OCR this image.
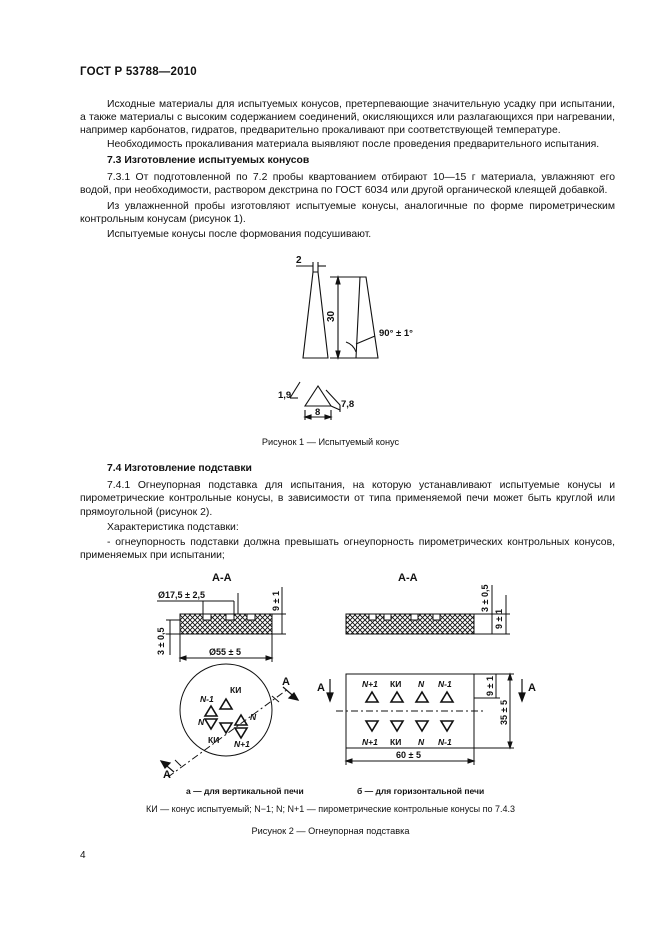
ГОСТ Р 53788—2010

Исходные материалы для испытуемых конусов, претерпевающие значительную усадку при испытании, а также материалы с высоким содержанием соединений, окисляющихся или разлагающихся при нагревании, например карбонатов, гидратов, предварительно прокаливают при соответствующей температуре.

Необходимость прокаливания материала выявляют после проведения предварительного испытания.

7.3 Изготовление испытуемых конусов

7.3.1 От подготовленной по 7.2 пробы квартованием отбирают 10—15 г материала, увлажняют его водой, при необходимости, раствором декстрина по ГОСТ 6034 или другой органической клеящей добавкой.

Из увлажненной пробы изготовляют испытуемые конусы, аналогичные по форме пирометрическим контрольным конусам (рисунок 1).

Испытуемые конусы после формования подсушивают.

2
30
90° ± 1°
1,9
8
7,8
Рисунок 1 — Испытуемый конус

7.4 Изготовление подставки

7.4.1 Огнеупорная подставка для испытания, на которую устанавливают испытуемые конусы и пирометрические контрольные конусы, в зависимости от типа применяемой печи может быть круглой или прямоугольной (рисунок 2).

Характеристика подставки:

- огнеупорность подставки должна превышать огнеупорность пирометрических контрольных конусов, применяемых при испытании;

А-А
Ø17,5 ± 2,5	9 ± 1
3 ± 0,5	Ø55 ± 5
КИ
N-1
N
N
N+1
КИ
А
А
А-А
3 ± 0,5
9 ± 1
N+1 КИ N N-1
N+1 КИ N N-1
60 ± 5
35 ± 5
9 ± 1
А	А
а — для вертикальной печи	б — для горизонтальной печи
КИ — конус испытуемый; N−1; N; N+1 — пирометрические контрольные конусы по 7.4.3
Рисунок 2 — Огнеупорная подставка
4
